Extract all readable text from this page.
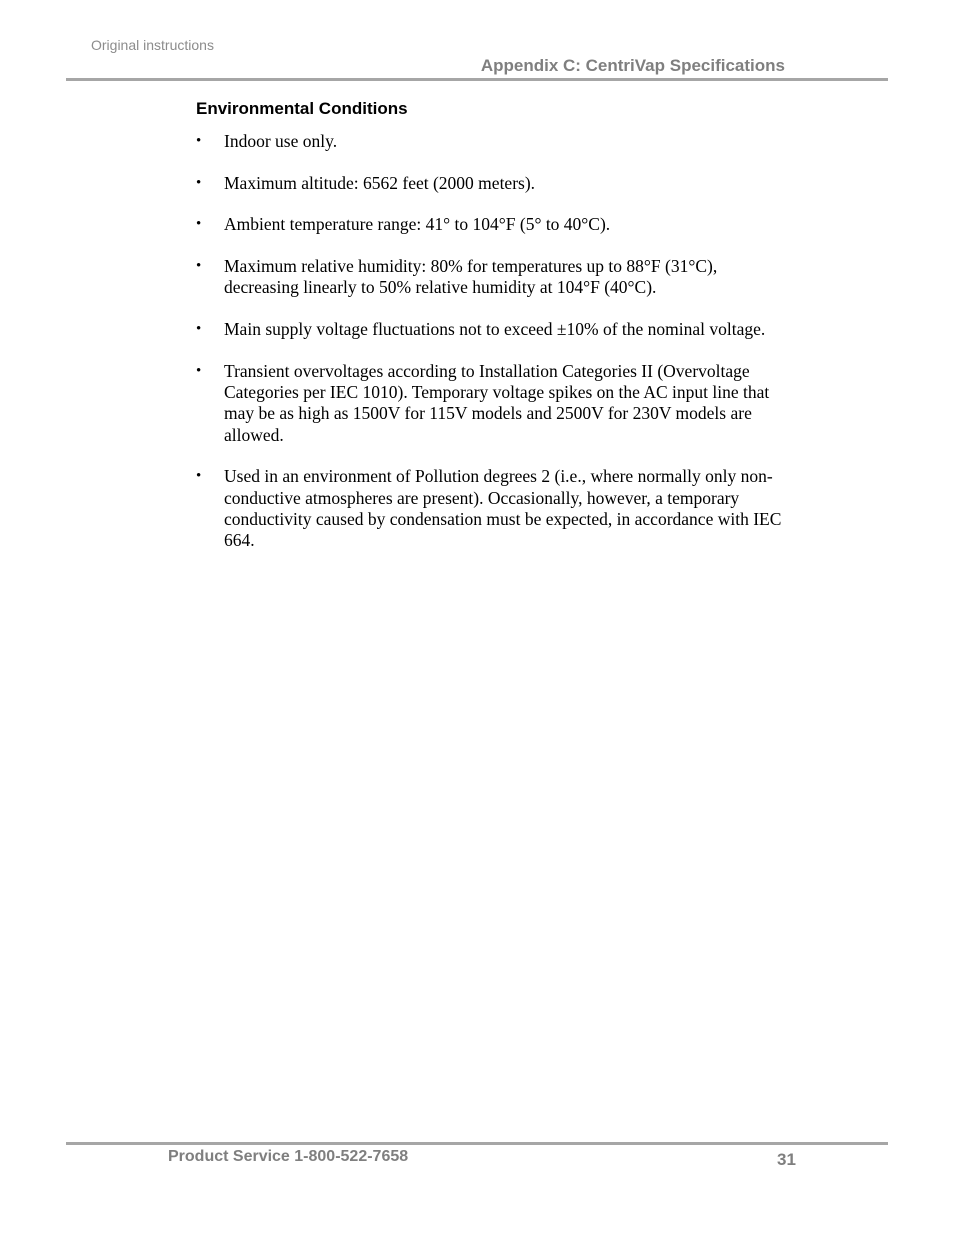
Original instructions
Appendix C: CentriVap Specifications
Environmental Conditions
•	Indoor use only.
•	Maximum altitude: 6562 feet (2000 meters).
•	Ambient temperature range: 41° to 104°F (5° to 40°C).
•	Maximum relative humidity: 80% for temperatures up to 88°F (31°C), decreasing linearly to 50% relative humidity at 104°F (40°C).
•	Main supply voltage fluctuations not to exceed ±10% of the nominal voltage.
•	Transient overvoltages according to Installation Categories II (Overvoltage Categories per IEC 1010). Temporary voltage spikes on the AC input line that may be as high as 1500V for 115V models and 2500V for 230V models are allowed.
•	Used in an environment of Pollution degrees 2 (i.e., where normally only non-conductive atmospheres are present). Occasionally, however, a temporary conductivity caused by condensation must be expected, in accordance with IEC 664.
Product Service 1-800-522-7658	31
